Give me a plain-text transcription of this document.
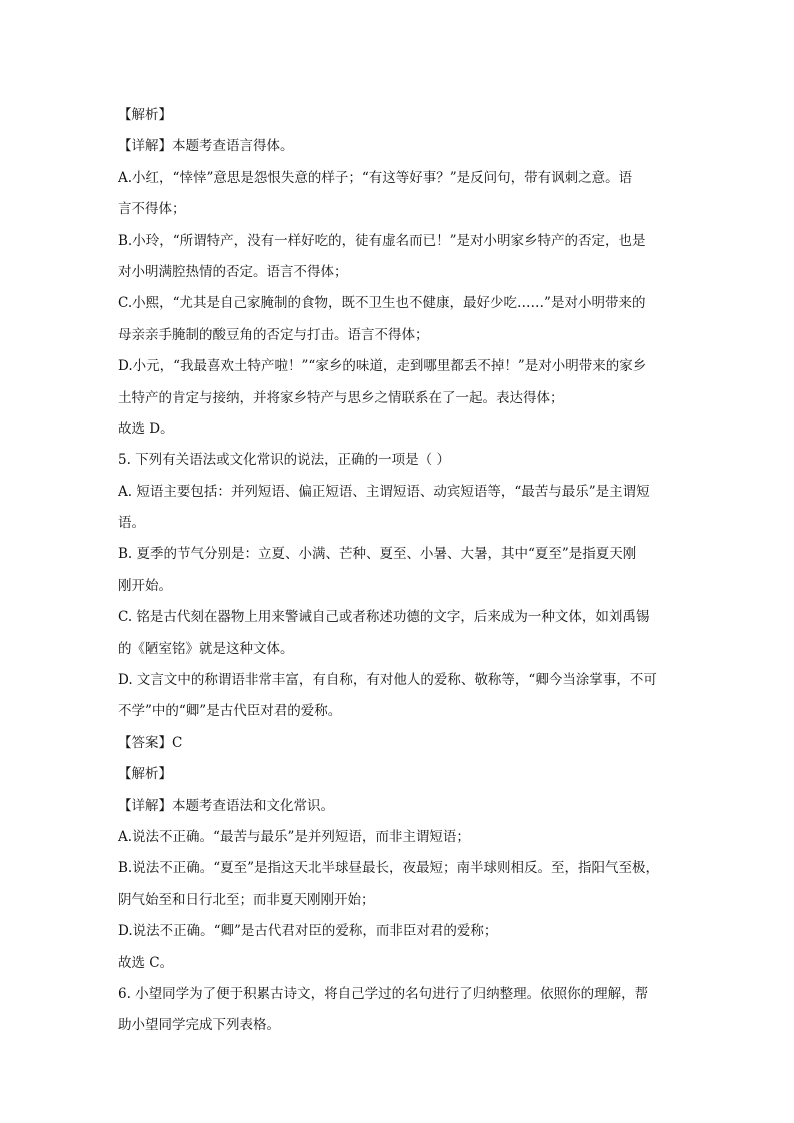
【解析】
【详解】本题考查语言得体。
A.小红，“悻悻”意思是怨恨失意的样子；“有这等好事？”是反问句，带有讽刺之意。语
言不得体；
B.小玲，“所谓特产，没有一样好吃的，徒有虚名而已！”是对小明家乡特产的否定，也是
对小明满腔热情的否定。语言不得体；
C.小熙，“尤其是自己家腌制的食物，既不卫生也不健康，最好少吃……”是对小明带来的
母亲亲手腌制的酸豆角的否定与打击。语言不得体；
D.小元，“我最喜欢土特产啦！”“家乡的味道，走到哪里都丢不掉！”是对小明带来的家乡
土特产的肯定与接纳，并将家乡特产与思乡之情联系在了一起。表达得体；
故选 D。
5. 下列有关语法或文化常识的说法，正确的一项是（ ）
A. 短语主要包括：并列短语、偏正短语、主谓短语、动宾短语等，“最苦与最乐”是主谓短
语。
B. 夏季的节气分别是：立夏、小满、芒种、夏至、小暑、大暑，其中“夏至”是指夏天刚
刚开始。
C. 铭是古代刻在器物上用来警诫自己或者称述功德的文字，后来成为一种文体，如刘禹锡
的《陋室铭》就是这种文体。
D. 文言文中的称谓语非常丰富，有自称，有对他人的爱称、敬称等，“卿今当涂掌事，不可
不学”中的“卿”是古代臣对君的爱称。
【答案】C
【解析】
【详解】本题考查语法和文化常识。
A.说法不正确。“最苦与最乐”是并列短语，而非主谓短语；
B.说法不正确。“夏至”是指这天北半球昼最长，夜最短；南半球则相反。至，指阳气至极，
阴气始至和日行北至；而非夏天刚刚开始；
D.说法不正确。“卿”是古代君对臣的爱称，而非臣对君的爱称；
故选 C。
6. 小望同学为了便于积累古诗文，将自己学过的名句进行了归纳整理。依照你的理解，帮
助小望同学完成下列表格。
